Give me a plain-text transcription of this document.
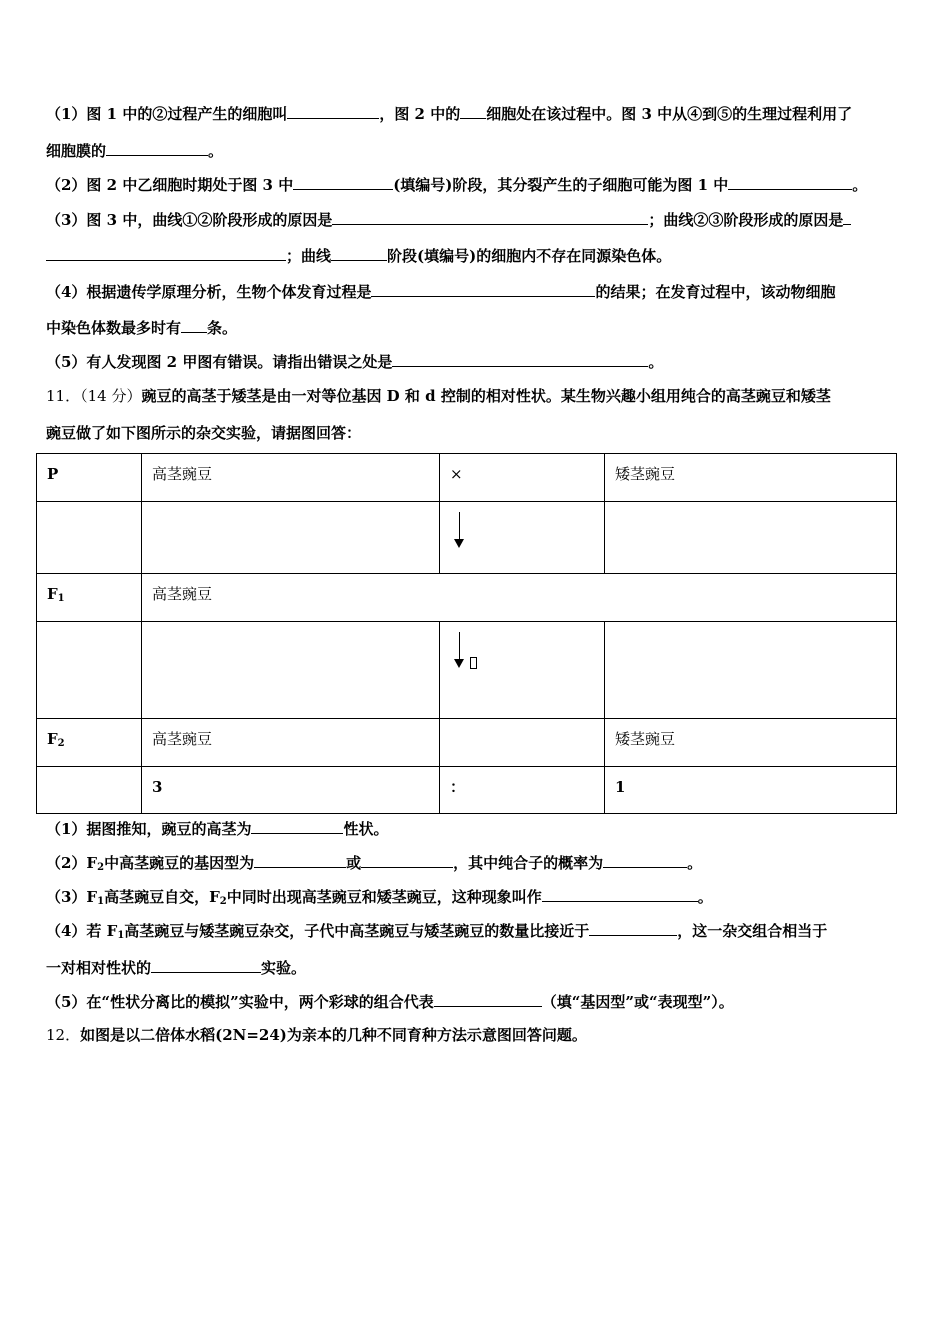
（1）图 1 中的②过程产生的细胞叫	，图 2 中的 细胞处在该过程中。图 3 中从④到⑤的生理过程利用了
细胞膜的	。
（2）图 2 中乙细胞时期处于图 3 中	(填编号)阶段，其分裂产生的子细胞可能为图 1 中	。
（3）图 3 中，曲线①②阶段形成的原因是	；曲线②③阶段形成的原因是
；曲线	阶段(填编号)的细胞内不存在同源染色体。
（4）根据遗传学原理分析，生物个体发育过程是	的结果；在发育过程中，该动物细胞
中染色体数最多时有 条。
（5）有人发现图 2 甲图有错误。请指出错误之处是	。
11．（14 分）豌豆的高茎于矮茎是由一对等位基因 D 和 d 控制的相对性状。某生物兴趣小组用纯合的高茎豌豆和矮茎
豌豆做了如下图所示的杂交实验，请据图回答：
P	高茎豌豆	×	矮茎豌豆

$F_1$	高茎豌豆		

$F_2$	高茎豌豆		矮茎豌豆
	3	：	1
（1）据图推知，豌豆的高茎为	性状。
$(2)F_2$中高茎豌豆的基因型为	或	，其中纯合子的概率为	。
$(3)F_1$高茎豌豆自交，$F_2$中同时出现高茎豌豆和矮茎豌豆，这种现象叫作	。
（4）若 $F_1$高茎豌豆与矮茎豌豆杂交，子代中高茎豌豆与矮茎豌豆的数量比接近于	，这一杂交组合相当于
一对相对性状的	实验。
（5）在“性状分离比的模拟”实验中，两个彩球的组合代表	（填“基因型”或“表现型”）。
12．如图是以二倍体水稻(2N=24)为亲本的几种不同育种方法示意图回答问题。
